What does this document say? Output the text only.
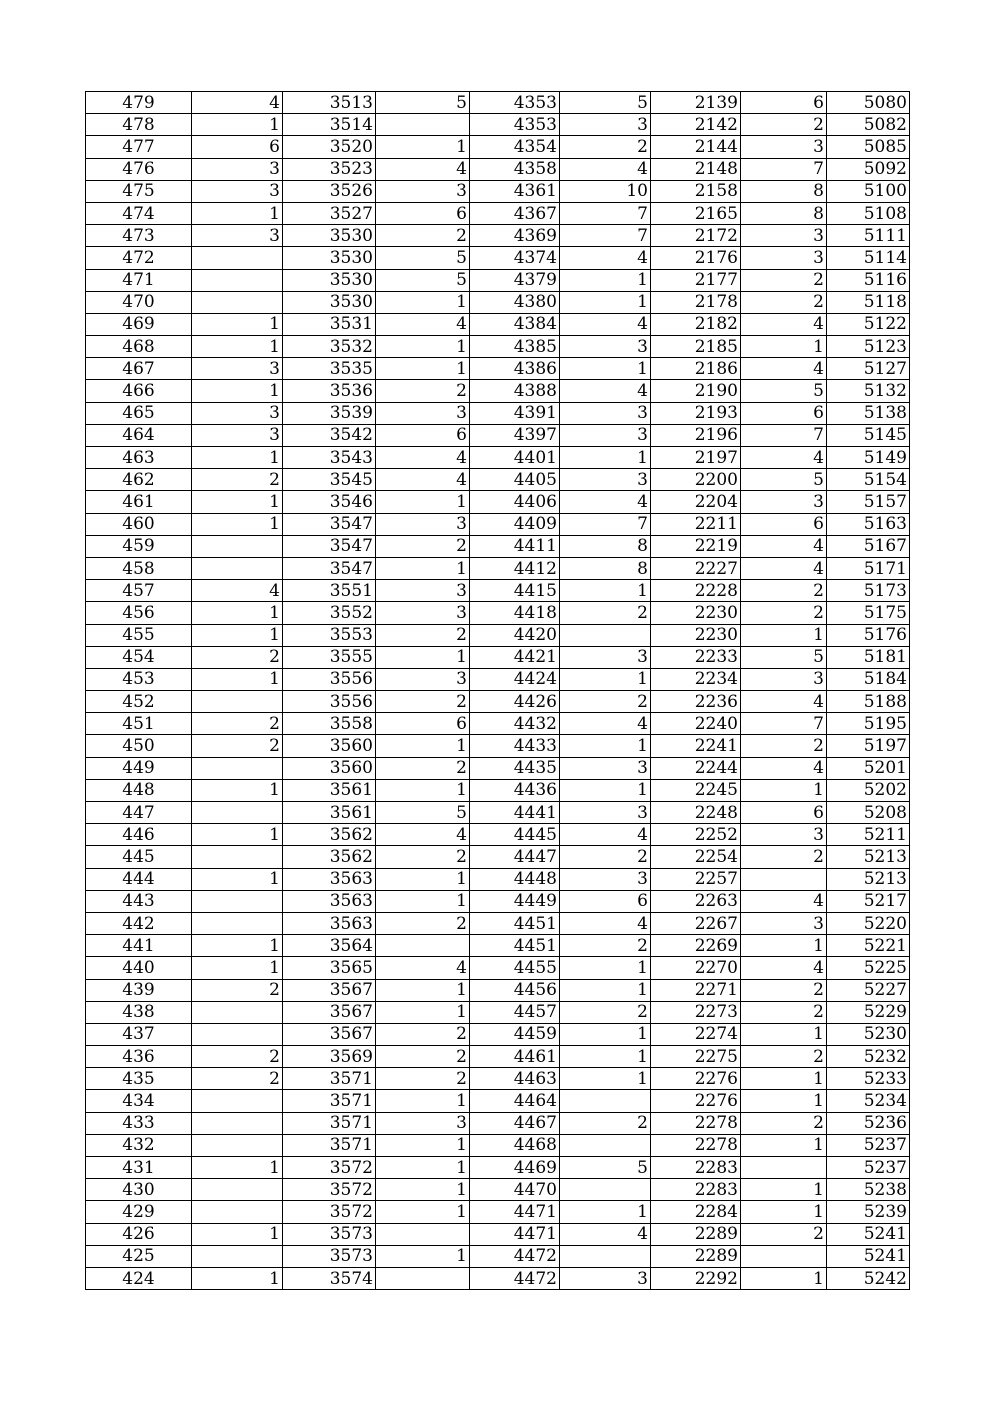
479	4	3513	5	4353	5	2139	6	5080
478	1	3514		4353	3	2142	2	5082
477	6	3520	1	4354	2	2144	3	5085
476	3	3523	4	4358	4	2148	7	5092
475	3	3526	3	4361	10	2158	8	5100
474	1	3527	6	4367	7	2165	8	5108
473	3	3530	2	4369	7	2172	3	5111
472		3530	5	4374	4	2176	3	5114
471		3530	5	4379	1	2177	2	5116
470		3530	1	4380	1	2178	2	5118
469	1	3531	4	4384	4	2182	4	5122
468	1	3532	1	4385	3	2185	1	5123
467	3	3535	1	4386	1	2186	4	5127
466	1	3536	2	4388	4	2190	5	5132
465	3	3539	3	4391	3	2193	6	5138
464	3	3542	6	4397	3	2196	7	5145
463	1	3543	4	4401	1	2197	4	5149
462	2	3545	4	4405	3	2200	5	5154
461	1	3546	1	4406	4	2204	3	5157
460	1	3547	3	4409	7	2211	6	5163
459		3547	2	4411	8	2219	4	5167
458		3547	1	4412	8	2227	4	5171
457	4	3551	3	4415	1	2228	2	5173
456	1	3552	3	4418	2	2230	2	5175
455	1	3553	2	4420		2230	1	5176
454	2	3555	1	4421	3	2233	5	5181
453	1	3556	3	4424	1	2234	3	5184
452		3556	2	4426	2	2236	4	5188
451	2	3558	6	4432	4	2240	7	5195
450	2	3560	1	4433	1	2241	2	5197
449		3560	2	4435	3	2244	4	5201
448	1	3561	1	4436	1	2245	1	5202
447		3561	5	4441	3	2248	6	5208
446	1	3562	4	4445	4	2252	3	5211
445		3562	2	4447	2	2254	2	5213
444	1	3563	1	4448	3	2257		5213
443		3563	1	4449	6	2263	4	5217
442		3563	2	4451	4	2267	3	5220
441	1	3564		4451	2	2269	1	5221
440	1	3565	4	4455	1	2270	4	5225
439	2	3567	1	4456	1	2271	2	5227
438		3567	1	4457	2	2273	2	5229
437		3567	2	4459	1	2274	1	5230
436	2	3569	2	4461	1	2275	2	5232
435	2	3571	2	4463	1	2276	1	5233
434		3571	1	4464		2276	1	5234
433		3571	3	4467	2	2278	2	5236
432		3571	1	4468		2278	1	5237
431	1	3572	1	4469	5	2283		5237
430		3572	1	4470		2283	1	5238
429		3572	1	4471	1	2284	1	5239
426	1	3573		4471	4	2289	2	5241
425		3573	1	4472		2289		5241
424	1	3574		4472	3	2292	1	5242
